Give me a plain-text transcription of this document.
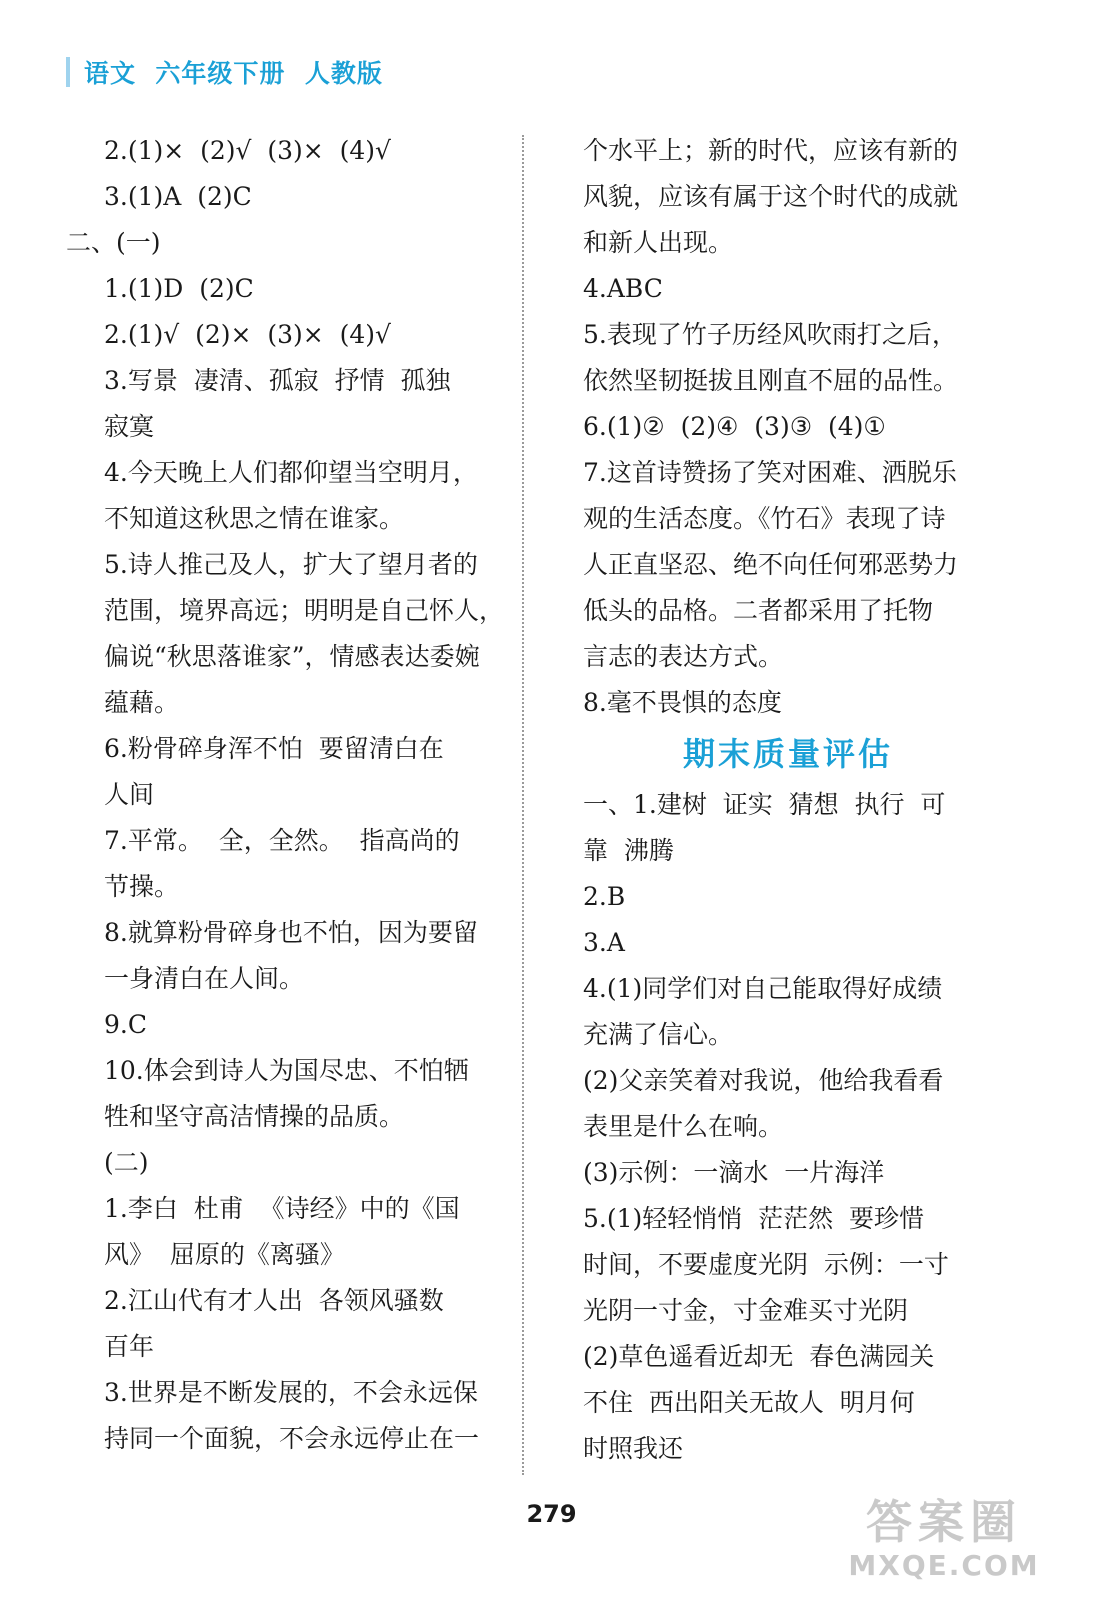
语文  六年级下册  人教版
2.(1)×  (2)√  (3)×  (4)√
3.(1)A  (2)C
二、(一)
1.(1)D  (2)C
2.(1)√  (2)×  (3)×  (4)√
3.写景  凄清、孤寂  抒情  孤独
寂寞
4.今天晚上人们都仰望当空明月，
不知道这秋思之情在谁家。
5.诗人推己及人，扩大了望月者的
范围，境界高远；明明是自己怀人，
偏说“秋思落谁家”，情感表达委婉
蕴藉。
6.粉骨碎身浑不怕  要留清白在
人间
7.平常。  全，全然。  指高尚的
节操。
8.就算粉骨碎身也不怕，因为要留
一身清白在人间。
9.C
10.体会到诗人为国尽忠、不怕牺
牲和坚守高洁情操的品质。
(二)
1.李白  杜甫  《诗经》中的《国
风》  屈原的《离骚》
2.江山代有才人出  各领风骚数
百年
3.世界是不断发展的，不会永远保
持同一个面貌，不会永远停止在一
个水平上；新的时代，应该有新的
风貌，应该有属于这个时代的成就
和新人出现。
4.ABC
5.表现了竹子历经风吹雨打之后，
依然坚韧挺拔且刚直不屈的品性。
6.(1)②  (2)④  (3)③  (4)①
7.这首诗赞扬了笑对困难、洒脱乐
观的生活态度。《竹石》表现了诗
人正直坚忍、绝不向任何邪恶势力
低头的品格。二者都采用了托物
言志的表达方式。
8.毫不畏惧的态度
期末质量评估
一、1.建树  证实  猜想  执行  可
靠  沸腾
2.B
3.A
4.(1)同学们对自己能取得好成绩
充满了信心。
(2)父亲笑着对我说，他给我看看
表里是什么在响。
(3)示例：一滴水  一片海洋
5.(1)轻轻悄悄  茫茫然  要珍惜
时间，不要虚度光阴  示例：一寸
光阴一寸金，寸金难买寸光阴
(2)草色遥看近却无  春色满园关
不住  西出阳关无故人  明月何
时照我还
279	答案圈
MXQE.COM
